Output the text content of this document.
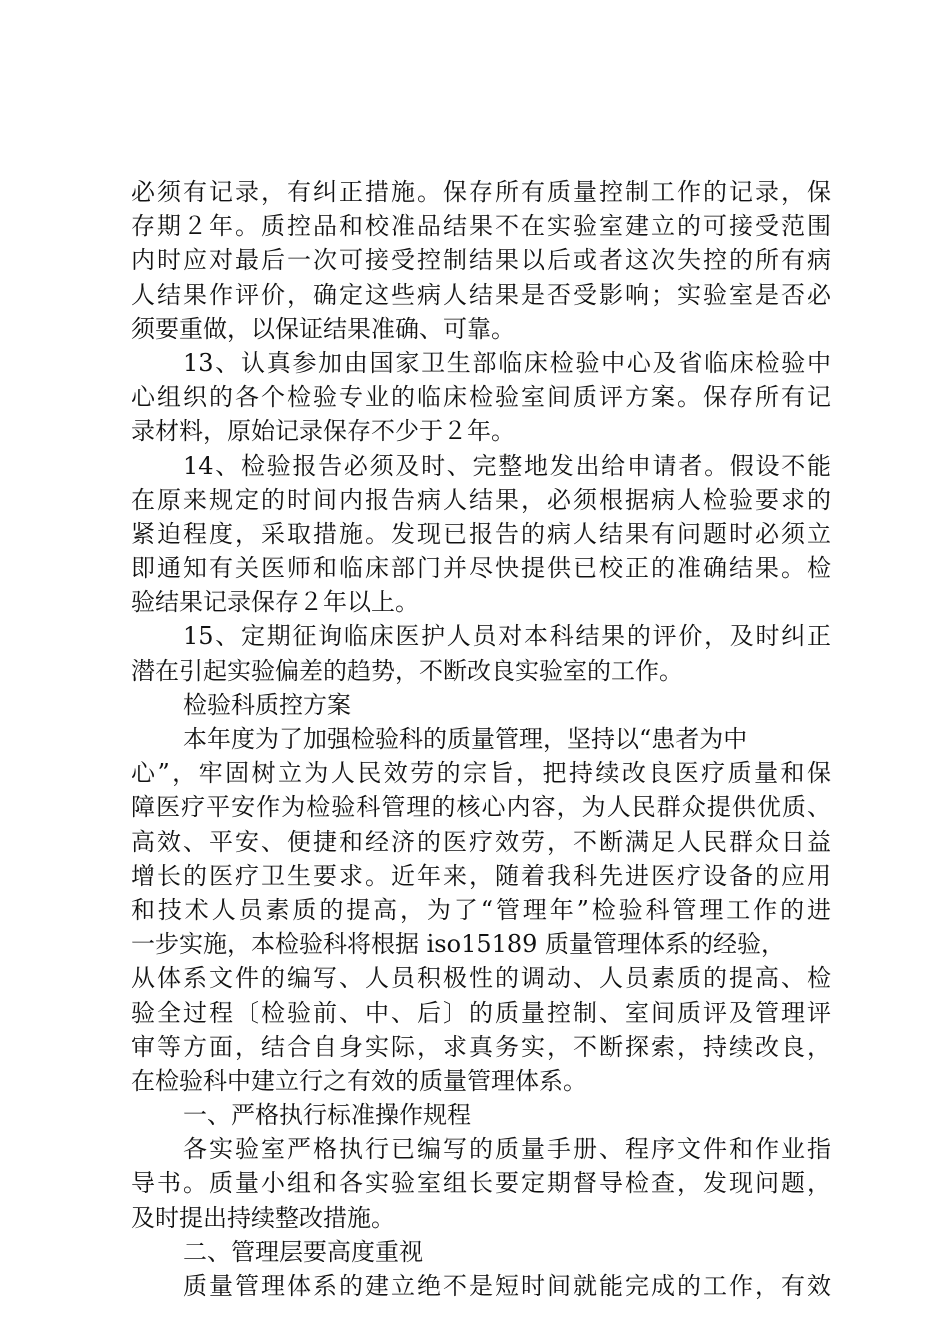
必须有记录，有纠正措施。保存所有质量控制工作的记录，保
存期２年。质控品和校准品结果不在实验室建立的可接受范围
内时应对最后一次可接受控制结果以后或者这次失控的所有病
人结果作评价，确定这些病人结果是否受影响；实验室是否必
须要重做，以保证结果准确、可靠。
13、认真参加由国家卫生部临床检验中心及省临床检验中
心组织的各个检验专业的临床检验室间质评方案。保存所有记
录材料，原始记录保存不少于２年。
14、检验报告必须及时、完整地发出给申请者。假设不能
在原来规定的时间内报告病人结果，必须根据病人检验要求的
紧迫程度，采取措施。发现已报告的病人结果有问题时必须立
即通知有关医师和临床部门并尽快提供已校正的准确结果。检
验结果记录保存２年以上。
15、定期征询临床医护人员对本科结果的评价，及时纠正
潜在引起实验偏差的趋势，不断改良实验室的工作。
检验科质控方案
本年度为了加强检验科的质量管理，坚持以“患者为中
心”，牢固树立为人民效劳的宗旨，把持续改良医疗质量和保
障医疗平安作为检验科管理的核心内容，为人民群众提供优质、
高效、平安、便捷和经济的医疗效劳，不断满足人民群众日益
增长的医疗卫生要求。近年来，随着我科先进医疗设备的应用
和技术人员素质的提高，为了“管理年”检验科管理工作的进
一步实施，本检验科将根据 iso15189 质量管理体系的经验，
从体系文件的编写、人员积极性的调动、人员素质的提高、检
验全过程〔检验前、中、后〕的质量控制、室间质评及管理评
审等方面，结合自身实际，求真务实，不断探索，持续改良，
在检验科中建立行之有效的质量管理体系。
一、严格执行标准操作规程
各实验室严格执行已编写的质量手册、程序文件和作业指
导书。质量小组和各实验室组长要定期督导检查，发现问题，
及时提出持续整改措施。
二、管理层要高度重视
质量管理体系的建立绝不是短时间就能完成的工作，有效
